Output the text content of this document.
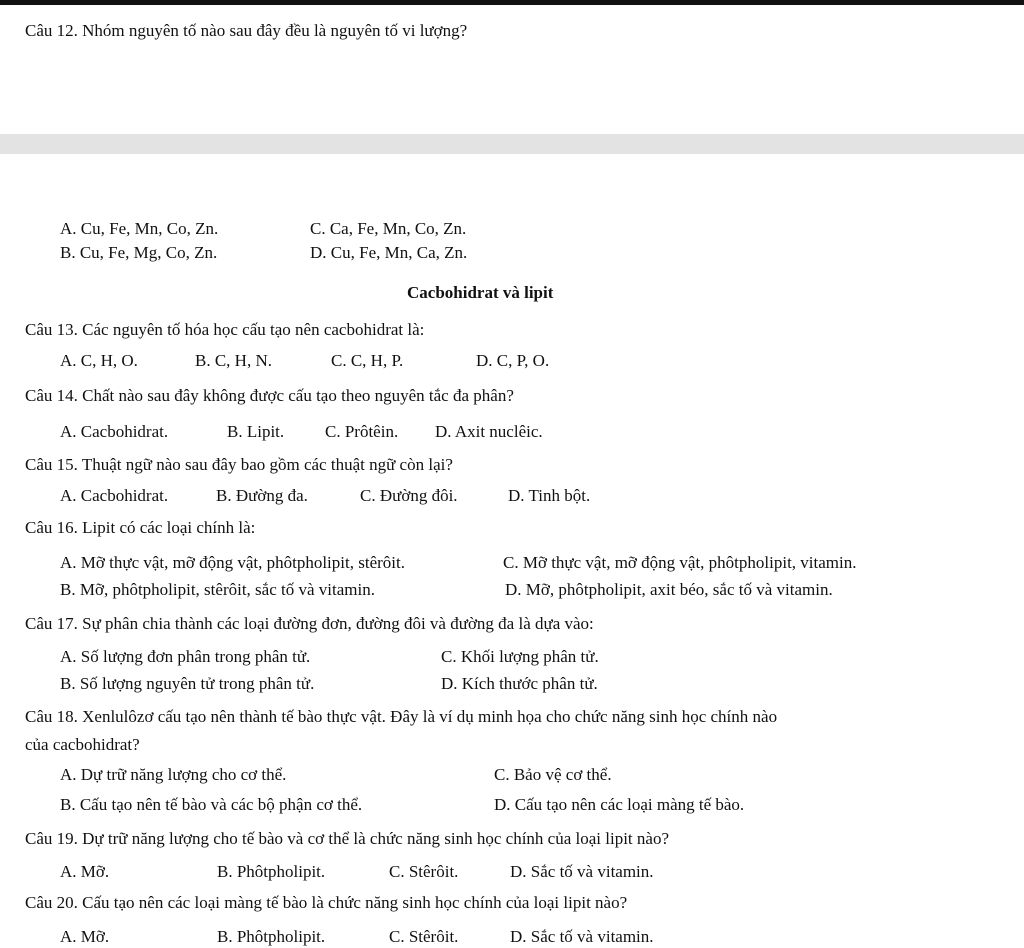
Câu 12. Nhóm nguyên tố nào sau đây đều là nguyên tố vi lượng?
A. Cu, Fe, Mn, Co, Zn.	C. Ca, Fe, Mn, Co, Zn.
B. Cu, Fe, Mg, Co, Zn.	D. Cu, Fe, Mn, Ca, Zn.
Cacbohidrat và lipit
Câu 13. Các nguyên tố hóa học cấu tạo nên cacbohidrat là:
A. C, H, O.	B. C, H, N.	C. C, H, P.	D. C, P, O.
Câu 14. Chất nào sau đây không được cấu tạo theo nguyên tắc đa phân?
A. Cacbohidrat.	B. Lipit. C. Prôtêin. D. Axit nuclêic.
Câu 15. Thuật ngữ nào sau đây bao gồm các thuật ngữ còn lại?
A. Cacbohidrat.	B. Đường đa.	C. Đường đôi.	D. Tinh bột.
Câu 16. Lipit có các loại chính là:
A. Mỡ thực vật, mỡ động vật, phôtpholipit, stêrôit.	C. Mỡ thực vật, mỡ động vật, phôtpholipit, vitamin.
B. Mỡ, phôtpholipit, stêrôit, sắc tố và vitamin.	D. Mỡ, phôtpholipit, axit béo, sắc tố và vitamin.
Câu 17. Sự phân chia thành các loại đường đơn, đường đôi và đường đa là dựa vào:
A. Số lượng đơn phân trong phân tử.	C. Khối lượng phân tử.
B. Số lượng nguyên tử trong phân tử.	D. Kích thước phân tử.
Câu 18. Xenlulôzơ cấu tạo nên thành tế bào thực vật. Đây là ví dụ minh họa cho chức năng sinh học chính nào
của cacbohidrat?
A. Dự trữ năng lượng cho cơ thể.	C. Bảo vệ cơ thể.
B. Cấu tạo nên tế bào và các bộ phận cơ thể.	D. Cấu tạo nên các loại màng tế bào.
Câu 19. Dự trữ năng lượng cho tế bào và cơ thể là chức năng sinh học chính của loại lipit nào?
A. Mỡ.	B. Phôtpholipit.	C. Stêrôit.	D. Sắc tố và vitamin.
Câu 20. Cấu tạo nên các loại màng tế bào là chức năng sinh học chính của loại lipit nào?
A. Mỡ.	B. Phôtpholipit.	C. Stêrôit.	D. Sắc tố và vitamin.
